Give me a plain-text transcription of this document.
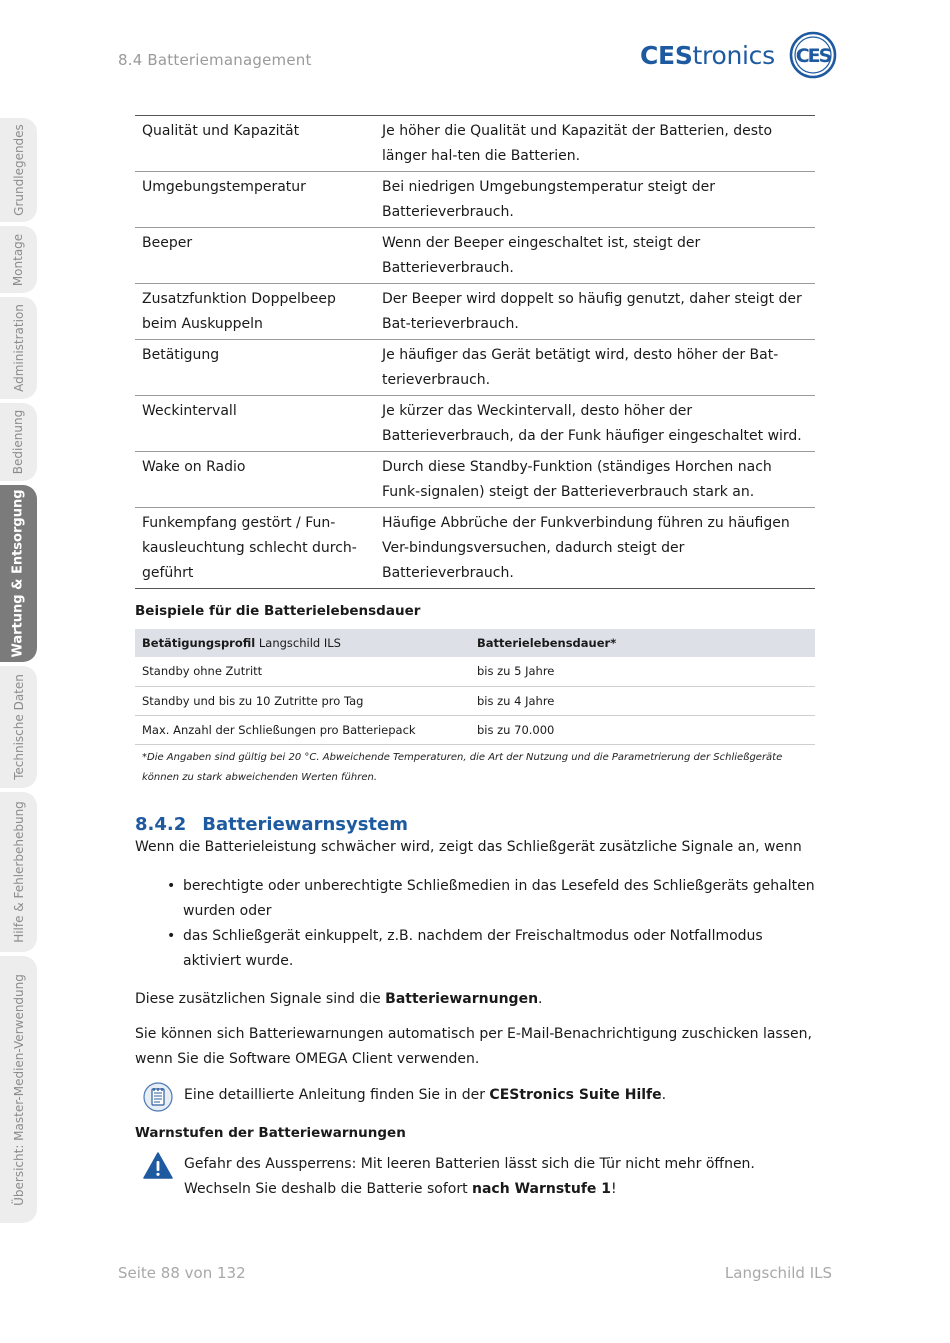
8.4 Batteriemanagement	CEStronics CES
Grundlegendes
Montage
Administration
Bedienung
Wartung & Entsorgung
Technische Daten
Hilfe & Fehlerbehebung
Übersicht: Master-Medien-Verwendung
Qualität und Kapazität	Je höher die Qualität und Kapazität der Batterien, desto länger hal-ten die Batterien.
Umgebungstemperatur	Bei niedrigen Umgebungstemperatur steigt der Batterieverbrauch.
Beeper	Wenn der Beeper eingeschaltet ist, steigt der Batterieverbrauch.
Zusatzfunktion Doppelbeep beim Auskuppeln	Der Beeper wird doppelt so häufig genutzt, daher steigt der Bat-terieverbrauch.
Betätigung	Je häufiger das Gerät betätigt wird, desto höher der Bat-terieverbrauch.
Weckintervall	Je kürzer das Weckintervall, desto höher der Batterieverbrauch, da der Funk häufiger eingeschaltet wird.
Wake on Radio	Durch diese Standby-Funktion (ständiges Horchen nach Funk-signalen) steigt der Batterieverbrauch stark an.
Funkempfang gestört / Fun-kausleuchtung schlecht durch-geführt	Häufige Abbrüche der Funkverbindung führen zu häufigen Ver-bindungsversuchen, dadurch steigt der Batterieverbrauch.
Beispiele für die Batterielebensdauer
Betätigungsprofil Langschild ILS	Batterielebensdauer*
Standby ohne Zutritt	bis zu 5 Jahre
Standby und bis zu 10 Zutritte pro Tag	bis zu 4 Jahre
Max. Anzahl der Schließungen pro Batteriepack	bis zu 70.000
*Die Angaben sind gültig bei 20 °C. Abweichende Temperaturen, die Art der Nutzung und die Parametrierung der Schließgeräte können zu stark abweichenden Werten führen.
8.4.2 Batteriewarnsystem

Wenn die Batterieleistung schwächer wird, zeigt das Schließgerät zusätzliche Signale an, wenn

• berechtigte oder unberechtigte Schließmedien in das Lesefeld des Schließgeräts gehalten wurden oder
• das Schließgerät einkuppelt, z.B. nachdem der Freischaltmodus oder Notfallmodus aktiviert wurde.

Diese zusätzlichen Signale sind die Batteriewarnungen.

Sie können sich Batteriewarnungen automatisch per E-Mail-Benachrichtigung zuschicken lassen, wenn Sie die Software OMEGA Client verwenden.

Eine detaillierte Anleitung finden Sie in der CEStronics Suite Hilfe.

Warnstufen der Batteriewarnungen

Gefahr des Aussperrens: Mit leeren Batterien lässt sich die Tür nicht mehr öffnen. Wechseln Sie deshalb die Batterie sofort nach Warnstufe 1!

Seite 88 von 132	Langschild ILS
